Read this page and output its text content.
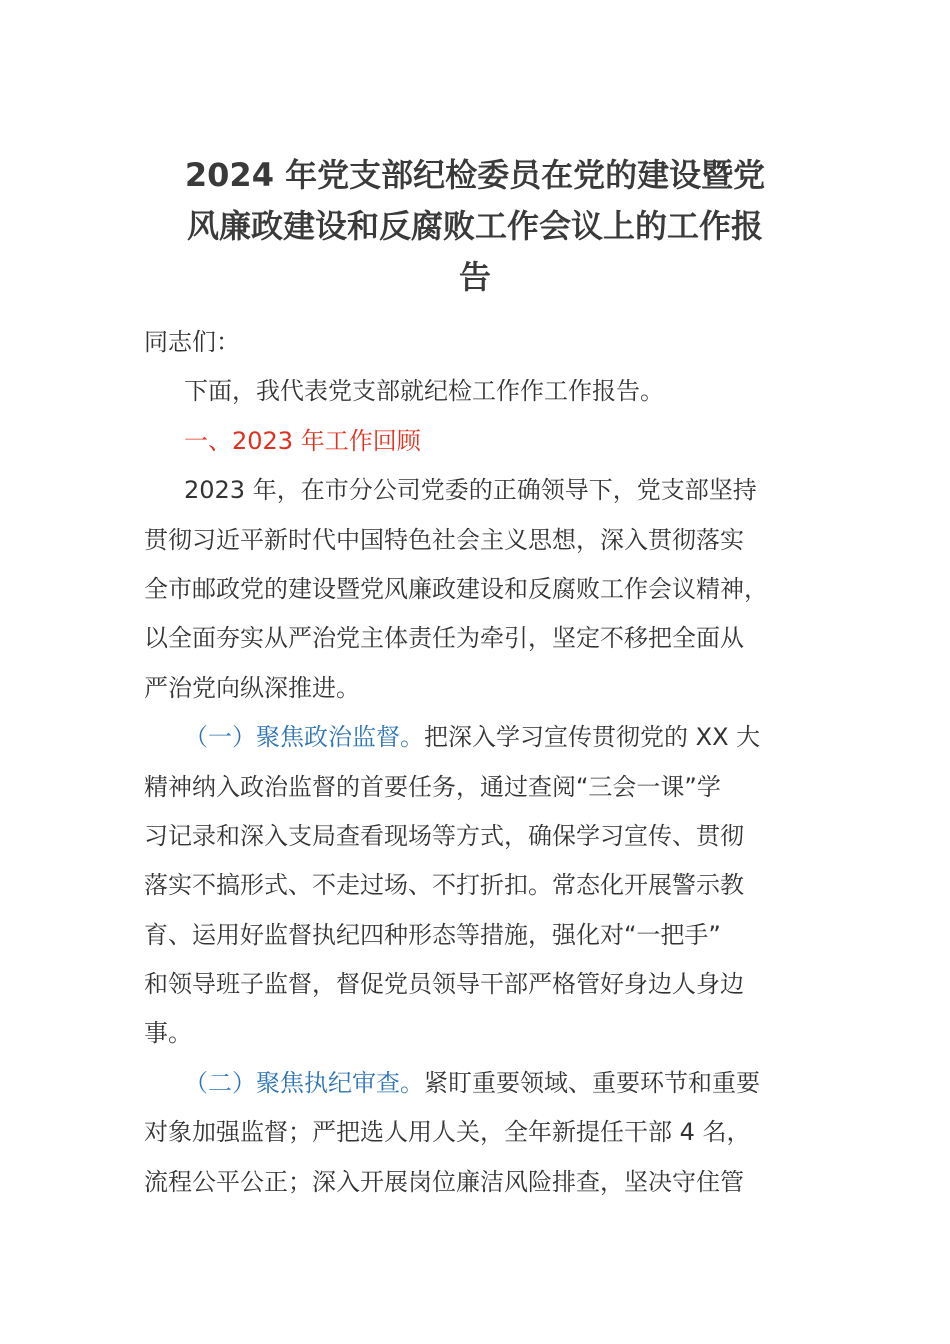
2024 年党支部纪检委员在党的建设暨党
风廉政建设和反腐败工作会议上的工作报
告
同志们：
下面，我代表党支部就纪检工作作工作报告。
一、2023 年工作回顾
2023 年，在市分公司党委的正确领导下，党支部坚持
贯彻习近平新时代中国特色社会主义思想，深入贯彻落实
全市邮政党的建设暨党风廉政建设和反腐败工作会议精神，
以全面夯实从严治党主体责任为牵引，坚定不移把全面从
严治党向纵深推进。
（一）聚焦政治监督。把深入学习宣传贯彻党的 XX 大
精神纳入政治监督的首要任务，通过查阅“三会一课”学
习记录和深入支局查看现场等方式，确保学习宣传、贯彻
落实不搞形式、不走过场、不打折扣。常态化开展警示教
育、运用好监督执纪四种形态等措施，强化对“一把手”
和领导班子监督，督促党员领导干部严格管好身边人身边
事。
（二）聚焦执纪审查。紧盯重要领域、重要环节和重要
对象加强监督；严把选人用人关，全年新提任干部 4 名，
流程公平公正；深入开展岗位廉洁风险排查，坚决守住管
